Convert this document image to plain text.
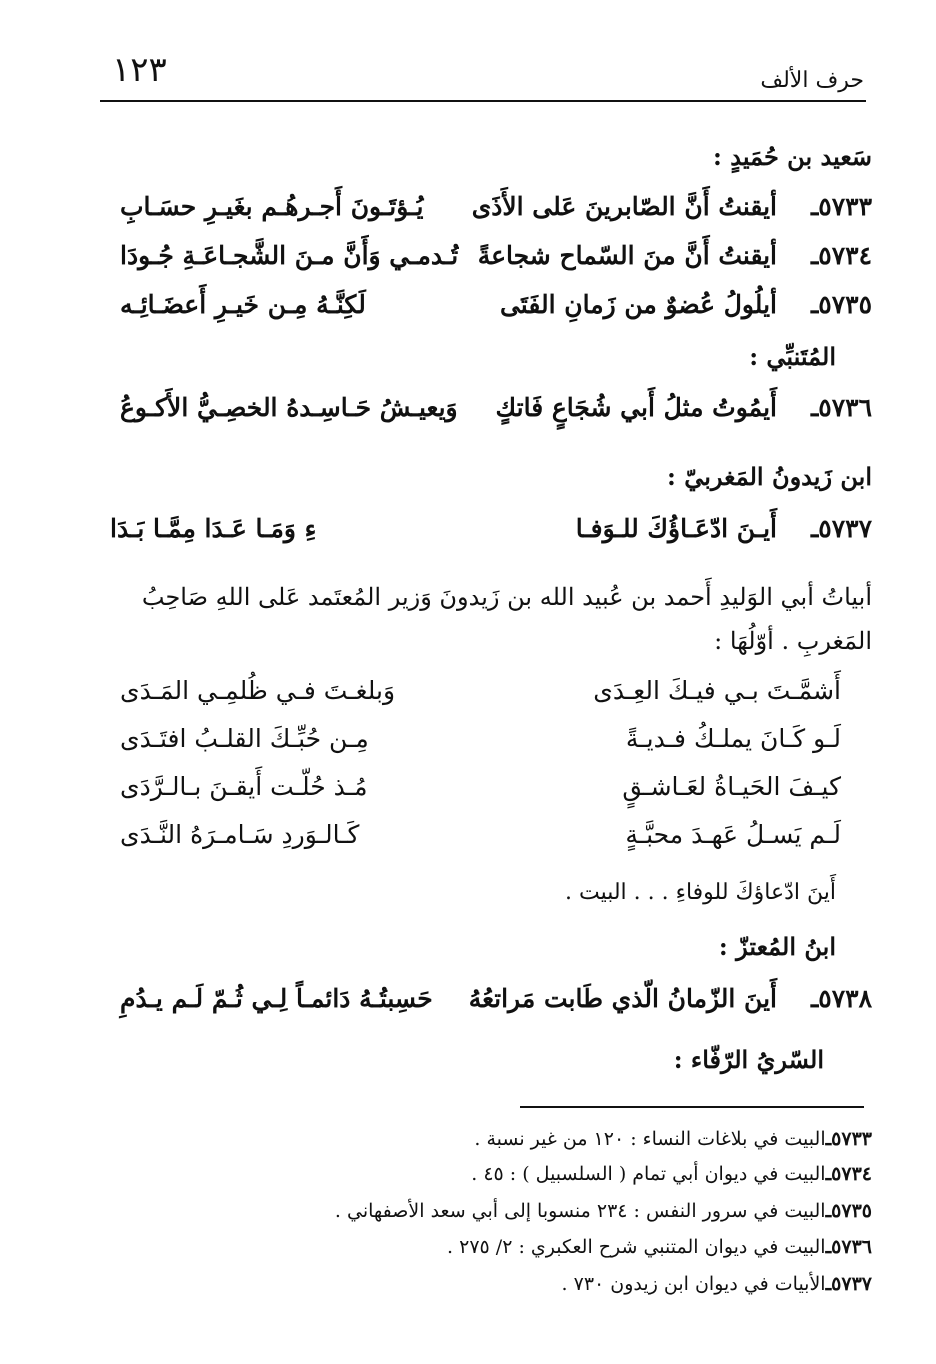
حرف الألف
١٢٣
سَعيد بن حُمَيدٍ :
٥٧٣٣ـ
أيقنتُ أَنَّ الصّابرينَ عَلى الأَذَى
يُـؤتَـونَ أَجـرهُـم بغَيـرِ حسَـابِ
٥٧٣٤ـ
أيقنتُ أَنَّ منَ السّماح شجاعةً
تُـدمـي وَأَنَّ مـنَ الشَّجـاعَـةِ جُـودَا
٥٧٣٥ـ
أيلُولُ عُضوٌ من زَمانِ الفَتَى
لَكِنَّـهُ مِـن خَيـرِ أَعضَـائِـه
المُتَنبِّي :
٥٧٣٦ـ
أَيمُوتُ مثلُ أَبي شُجَاعٍ فَاتكٍ
وَيعيـشُ حَـاسِـدهُ الخصِـيُّ الأَكـوعُ
ابن زَيدونُ المَغربيّ :
٥٧٣٧ـ
أَيـنَ ادّعَـاؤُكَ للـوَفـا
ءِ وَمَـا عَـدَا مِمَّـا بَـدَا
أبياتُ أبي الوَليدِ أَحمد بن عُبيد الله بن زَيدونَ وَزير المُعتَمد عَلى اللهِ صَاحِبُ
المَغربِ . أوّلُهَا :
أَشمَّـتَ بـي فيـكَ العِـدَى
وَبلغـتَ فـي ظُلمِـي المَـدَى
لَـو كَـانَ يملـكُ فـديـةً
مِـن حُبِّـكَ القلـبُ افتَـدَى
كيـفَ الحَيـاةُ لعَـاشـقٍ
مُـذ حُلّـت أَيقـنَ بـالـرَّدَى
لَـم يَسـلُ عَهـدَ محبَّـةٍ
كَـالـوَردِ سَـامـرَهُ النَّـدَى
أَينَ ادّعاؤكَ للوفاءِ . . . البيت .
ابنُ المُعتزّ :
٥٧٣٨ـ
أَينَ الزّمانُ الّذي طَابت مَراتعُهُ
حَسِبتُـهُ دَائمـاً لِـي ثُـمّ لَـم يـدُمِ
السّريُ الرّفّاء :
٥٧٣٣ـالبيت في بلاغات النساء : ١٢٠ من غير نسبة .
٥٧٣٤ـالبيت في ديوان أبي تمام ( السلسبيل ) : ٤٥ .
٥٧٣٥ـالبيت في سرور النفس : ٢٣٤ منسوبا إلى أبي سعد الأصفهاني .
٥٧٣٦ـالبيت في ديوان المتنبي شرح العكبري : ٢/ ٢٧٥ .
٥٧٣٧ـالأبيات في ديوان ابن زيدون ٧٣٠ .
